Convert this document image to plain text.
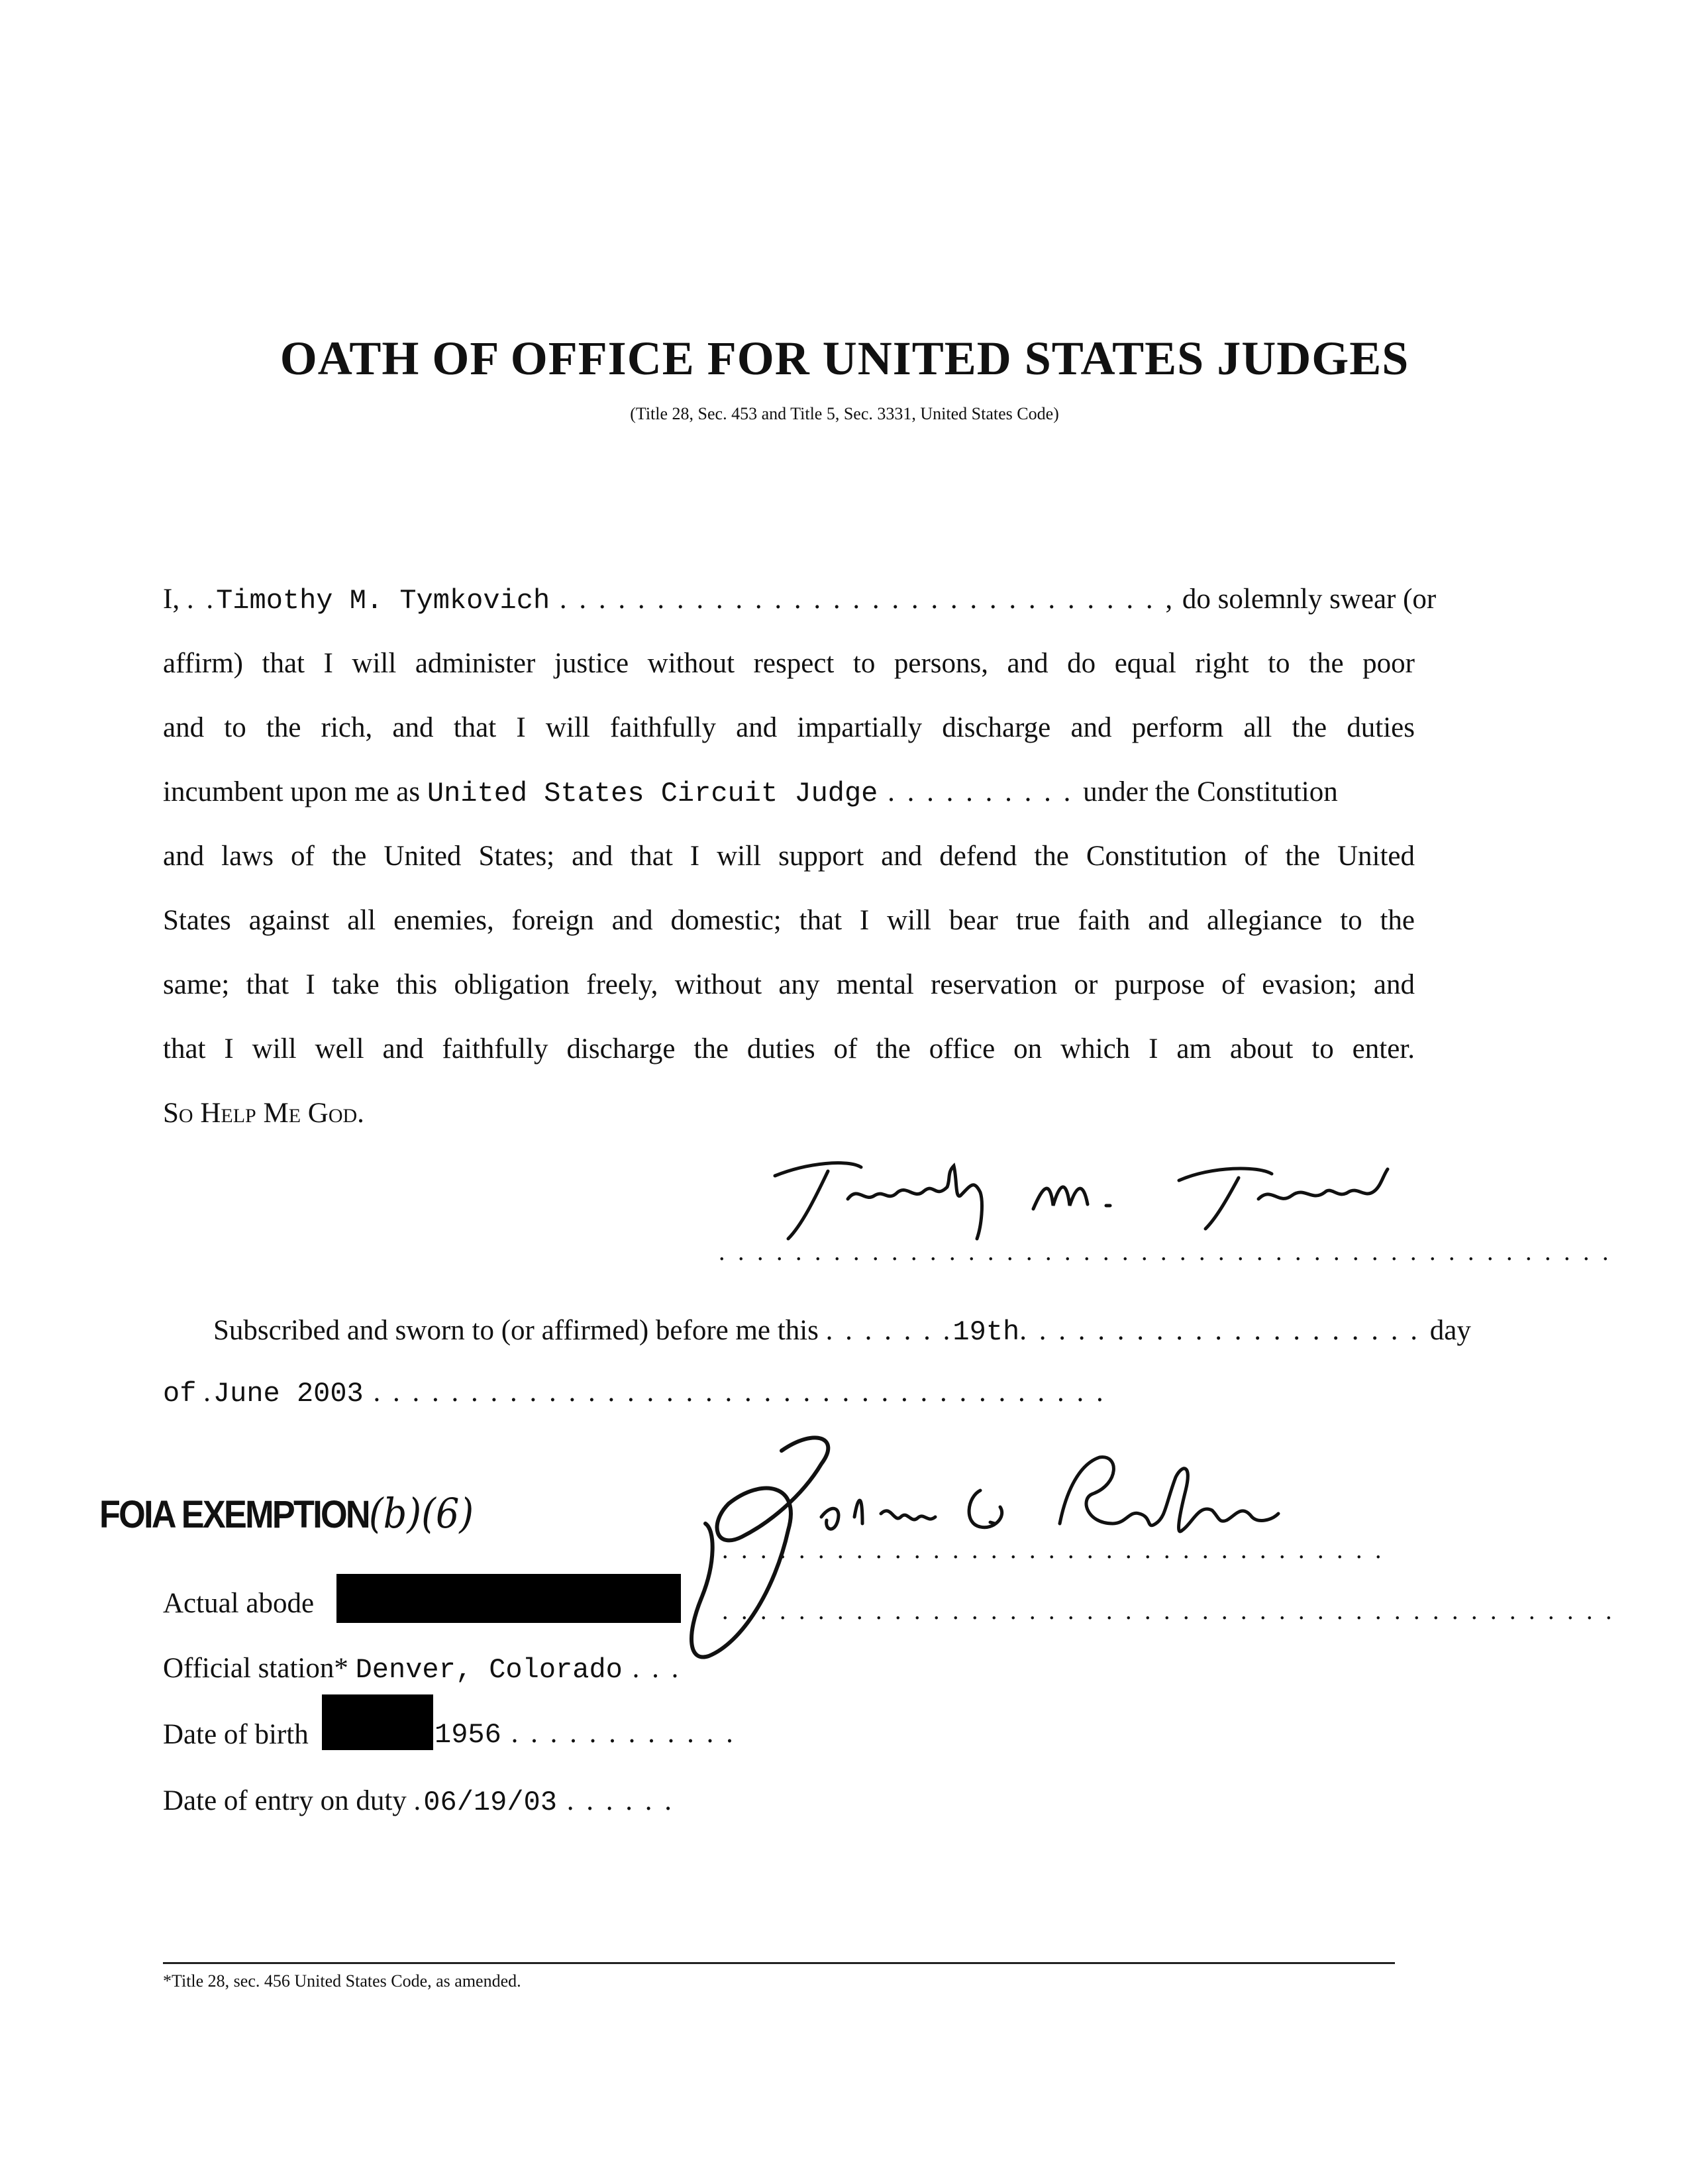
OATH OF OFFICE FOR UNITED STATES JUDGES
(Title 28, Sec. 453 and Title 5, Sec. 3331, United States Code)
I, . .Timothy M. Tymkovich . . . . . . . . . . . . . . . . . . . . . . . . . . . . . . . , do solemnly swear (or
affirm) that I will administer justice without respect to persons, and do equal right to the poor
and to the rich, and that I will faithfully and impartially discharge and perform all the duties
incumbent upon me as United States Circuit Judge . . . . . . . . . . under the Constitution
and laws of the United States; and that I will support and defend the Constitution of the United
States against all enemies, foreign and domestic; that I will bear true faith and allegiance to the
same; that I take this obligation freely, without any mental reservation or purpose of evasion; and
that I will well and faithfully discharge the duties of the office on which I am about to enter.
So Help Me God.
. . . . . . . . . . . . . . . . . . . . . . . . . . . . . . . . . . . . . . . . . . . . . . .
Subscribed and sworn to (or affirmed) before me this . . . . . . .19th. . . . . . . . . . . . . . . . . . . . . day
of .June 2003 . . . . . . . . . . . . . . . . . . . . . . . . . . . . . . . . . . . . . .
FOIA EXEMPTION(b)(6)
. . . . . . . . . . . . . . . . . . . . . . . . . . . . . . . . . . .
. . . . . . . . . . . . . . . . . . . . . . . . . . . . . . . . . . . . . . . . . . . . . . .
Actual abode
Official station* Denver, Colorado . . .
Date of birth	1956 . . . . . . . . . . . .
Date of entry on duty .06/19/03 . . . . . .
*Title 28, sec. 456 United States Code, as amended.
